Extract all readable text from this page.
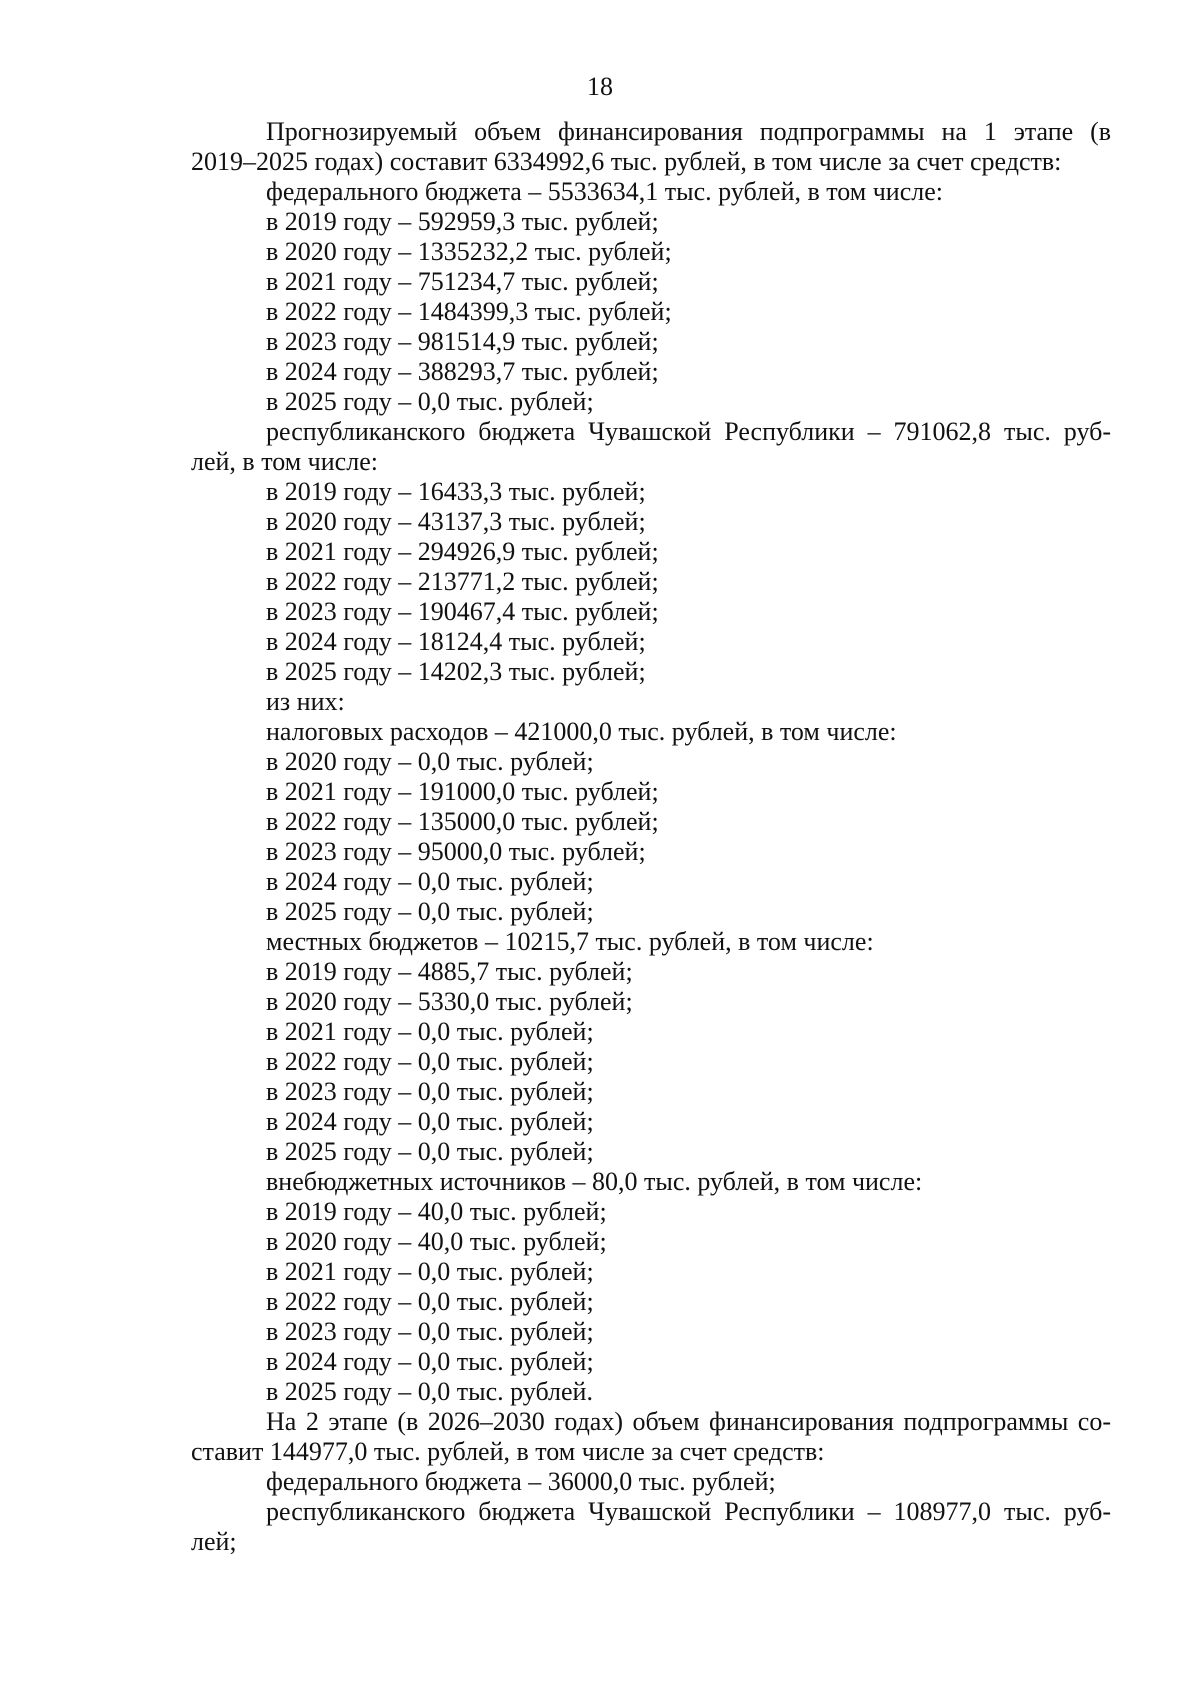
18
Прогнозируемый объем финансирования подпрограммы на 1 этапе (в
2019–2025 годах) составит 6334992,6 тыс. рублей, в том числе за счет средств:
федерального бюджета – 5533634,1 тыс. рублей, в том числе:
в 2019 году – 592959,3 тыс. рублей;
в 2020 году – 1335232,2 тыс. рублей;
в 2021 году – 751234,7 тыс. рублей;
в 2022 году – 1484399,3 тыс. рублей;
в 2023 году – 981514,9 тыс. рублей;
в 2024 году – 388293,7 тыс. рублей;
в 2025 году – 0,0 тыс. рублей;
республиканского бюджета Чувашской Республики – 791062,8 тыс. руб-
лей, в том числе:
в 2019 году – 16433,3 тыс. рублей;
в 2020 году – 43137,3 тыс. рублей;
в 2021 году – 294926,9 тыс. рублей;
в 2022 году – 213771,2 тыс. рублей;
в 2023 году – 190467,4 тыс. рублей;
в 2024 году – 18124,4 тыс. рублей;
в 2025 году – 14202,3 тыс. рублей;
из них:
налоговых расходов – 421000,0 тыс. рублей, в том числе:
в 2020 году – 0,0 тыс. рублей;
в 2021 году – 191000,0 тыс. рублей;
в 2022 году – 135000,0 тыс. рублей;
в 2023 году – 95000,0 тыс. рублей;
в 2024 году – 0,0 тыс. рублей;
в 2025 году – 0,0 тыс. рублей;
местных бюджетов – 10215,7 тыс. рублей, в том числе:
в 2019 году – 4885,7 тыс. рублей;
в 2020 году – 5330,0 тыс. рублей;
в 2021 году – 0,0 тыс. рублей;
в 2022 году – 0,0 тыс. рублей;
в 2023 году – 0,0 тыс. рублей;
в 2024 году – 0,0 тыс. рублей;
в 2025 году – 0,0 тыс. рублей;
внебюджетных источников – 80,0 тыс. рублей, в том числе:
в 2019 году – 40,0 тыс. рублей;
в 2020 году – 40,0 тыс. рублей;
в 2021 году – 0,0 тыс. рублей;
в 2022 году – 0,0 тыс. рублей;
в 2023 году – 0,0 тыс. рублей;
в 2024 году – 0,0 тыс. рублей;
в 2025 году – 0,0 тыс. рублей.
На 2 этапе (в 2026–2030 годах) объем финансирования подпрограммы со-
ставит 144977,0 тыс. рублей, в том числе за счет средств:
федерального бюджета – 36000,0 тыс. рублей;
республиканского бюджета Чувашской Республики – 108977,0 тыс. руб-
лей;
